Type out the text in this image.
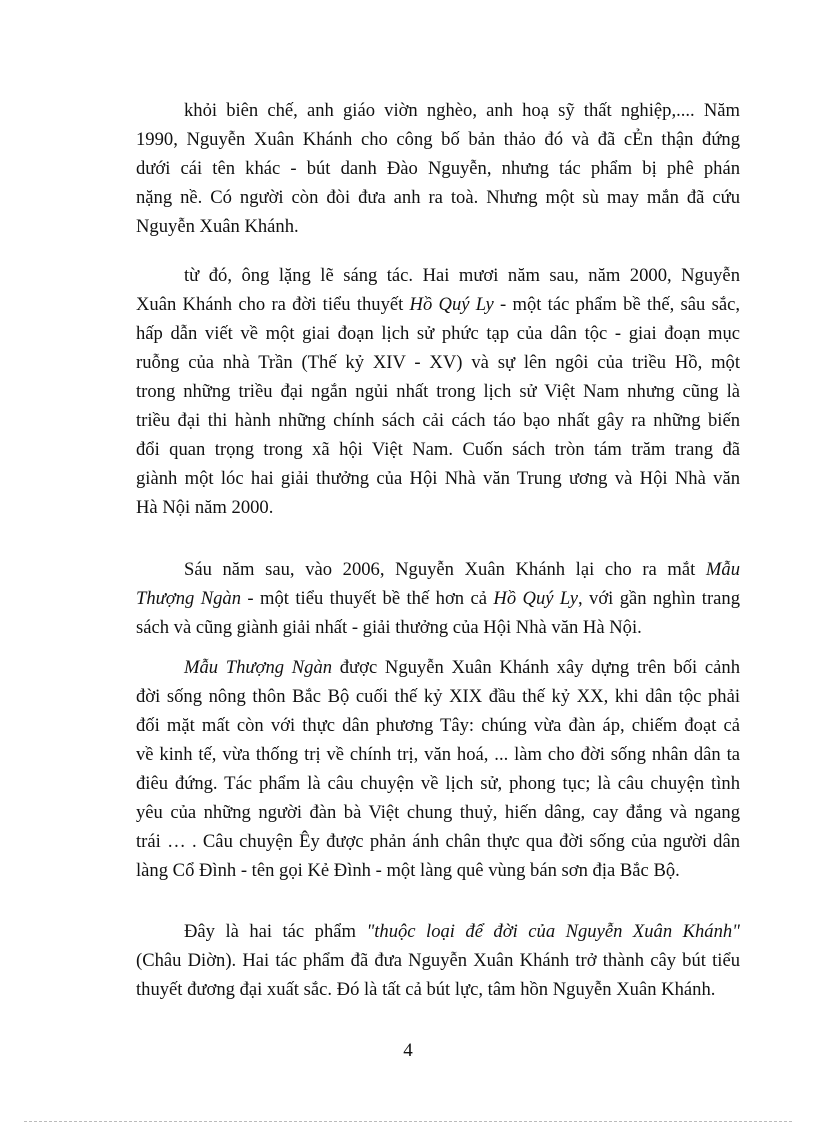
khỏi biên chế, anh giáo viờn nghèo, anh hoạ sỹ thất nghiệp,.... Năm
1990, Nguyễn Xuân Khánh cho công bố bản thảo đó và đã cẺn thận đứng
dưới cái tên khác - bút danh Đào Nguyễn, nhưng tác phẩm bị phê phán
nặng nề. Có người còn đòi đưa anh ra toà. Nhưng một sù may mắn đã cứu
Nguyễn Xuân Khánh.
từ đó, ông lặng lẽ sáng tác. Hai mươi năm sau, năm 2000, Nguyễn
Xuân Khánh cho ra đời tiểu thuyết Hồ Quý Ly - một tác phẩm bề thế, sâu sắc,
hấp dẫn viết về một giai đoạn lịch sử phức tạp của dân tộc - giai đoạn mục
ruỗng của nhà Trần (Thế kỷ XIV - XV) và sự lên ngôi của triều Hồ, một
trong những triều đại ngắn ngủi nhất trong lịch sử Việt Nam nhưng cũng là
triều đại thi hành những chính sách cải cách táo bạo nhất gây ra những biến
đổi quan trọng trong xã hội Việt Nam. Cuốn sách tròn tám trăm trang đã
giành một lóc hai giải thưởng của Hội Nhà văn Trung ương và Hội Nhà văn
Hà Nội năm 2000.
Sáu năm sau, vào 2006, Nguyễn Xuân Khánh lại cho ra mắt Mẫu
Thượng Ngàn - một tiểu thuyết bề thế hơn cả Hồ Quý Ly, với gần nghìn trang
sách và cũng giành giải nhất - giải thưởng của Hội Nhà văn Hà Nội.
Mẫu Thượng Ngàn được Nguyễn Xuân Khánh xây dựng trên bối cảnh
đời sống nông thôn Bắc Bộ cuối thế kỷ XIX đầu thế kỷ XX, khi dân tộc phải
đối mặt mất còn với thực dân phương Tây: chúng vừa đàn áp, chiếm đoạt cả
về kinh tế, vừa thống trị về chính trị, văn hoá, ... làm cho đời sống nhân dân ta
điêu đứng. Tác phẩm là câu chuyện về lịch sử, phong tục; là câu chuyện tình
yêu của những người đàn bà Việt chung thuỷ, hiến dâng, cay đắng và ngang
trái … . Câu chuyện Êy được phản ánh chân thực qua đời sống của người dân
làng Cổ Đình - tên gọi Kẻ Đình - một làng quê vùng bán sơn địa Bắc Bộ.
Đây là hai tác phẩm "thuộc loại để đời của Nguyễn Xuân Khánh"
(Châu Diờn). Hai tác phẩm đã đưa Nguyễn Xuân Khánh trở thành cây bút tiểu
thuyết đương đại xuất sắc. Đó là tất cả bút lực, tâm hồn Nguyễn Xuân Khánh.
4
